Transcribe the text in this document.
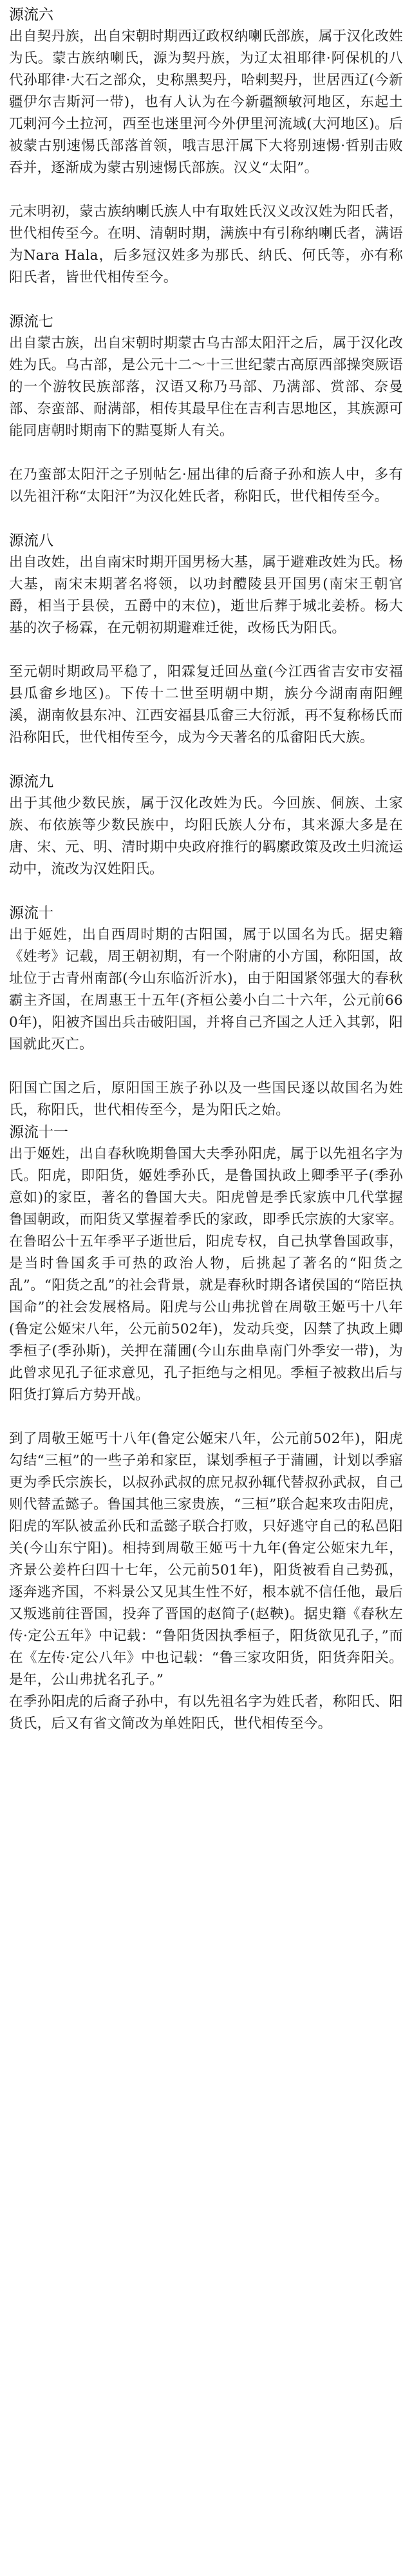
源流六

出自契丹族，出自宋朝时期西辽政权纳喇氏部族，属于汉化改姓为氏。蒙古族纳喇氏，源为契丹族，为辽太祖耶律·阿保机的八代孙耶律·大石之部众，史称黑契丹，哈剌契丹，世居西辽(今新疆伊尔吉斯河一带)，也有人认为在今新疆额敏河地区，东起土兀剌河今土拉河，西至也迷里河今外伊里河流域(大河地区)。后被蒙古别速惕氏部落首领，哦吉思汗属下大将别速惕·哲别击败吞并，逐渐成为蒙古别速惕氏部族。汉义“太阳”。

元末明初，蒙古族纳喇氏族人中有取姓氏汉义改汉姓为阳氏者，世代相传至今。在明、清朝时期，满族中有引称纳喇氏者，满语为Nara Hala，后多冠汉姓多为那氏、纳氏、何氏等，亦有称阳氏者，皆世代相传至今。

源流七

出自蒙古族，出自宋朝时期蒙古乌古部太阳汗之后，属于汉化改姓为氏。乌古部，是公元十二～十三世纪蒙古高原西部操突厥语的一个游牧民族部落，汉语又称乃马部、乃满部、赏部、奈曼部、奈蛮部、耐满部，相传其最早住在吉利吉思地区，其族源可能同唐朝时期南下的黠戛斯人有关。

在乃蛮部太阳汗之子别帖乞·屈出律的后裔子孙和族人中，多有以先祖汗称“太阳汗”为汉化姓氏者，称阳氏，世代相传至今。

源流八

出自改姓，出自南宋时期开国男杨大基，属于避难改姓为氏。杨大基，南宋末期著名将领，以功封醴陵县开国男(南宋王朝官爵，相当于县侯，五爵中的末位)，逝世后葬于城北姜桥。杨大基的次子杨霖，在元朝初期避难迁徙，改杨氏为阳氏。

至元朝时期政局平稳了，阳霖复迁回丛童(今江西省吉安市安福县瓜畲乡地区)。下传十二世至明朝中期，族分今湖南南阳鲤溪，湖南攸县东冲、江西安福县瓜畲三大衍派，再不复称杨氏而沿称阳氏，世代相传至今，成为今天著名的瓜畲阳氏大族。

源流九

出于其他少数民族，属于汉化改姓为氏。今回族、侗族、土家族、布依族等少数民族中，均阳氏族人分布，其来源大多是在唐、宋、元、明、清时期中央政府推行的羁縻政策及改土归流运动中，流改为汉姓阳氏。

源流十

出于姬姓，出自西周时期的古阳国，属于以国名为氏。据史籍《姓考》记载，周王朝初期，有一个附庸的小方国，称阳国，故址位于古青州南部(今山东临沂沂水)，由于阳国紧邻强大的春秋霸主齐国，在周惠王十五年(齐桓公姜小白二十六年，公元前660年)，阳被齐国出兵击破阳国，并将自己齐国之人迁入其郭，阳国就此灭亡。

阳国亡国之后，原阳国王族子孙以及一些国民逐以故国名为姓氏，称阳氏，世代相传至今，是为阳氏之始。

源流十一

出于姬姓，出自春秋晚期鲁国大夫季孙阳虎，属于以先祖名字为氏。阳虎，即阳货，姬姓季孙氏，是鲁国执政上卿季平子(季孙意如)的家臣，著名的鲁国大夫。阳虎曾是季氏家族中几代掌握鲁国朝政，而阳货又掌握着季氏的家政，即季氏宗族的大家宰。在鲁昭公十五年季平子逝世后，阳虎专权，自己执掌鲁国政事，是当时鲁国炙手可热的政治人物，后挑起了著名的“阳货之乱”。“阳货之乱”的社会背景，就是春秋时期各诸侯国的“陪臣执国命”的社会发展格局。阳虎与公山弗扰曾在周敬王姬丐十八年(鲁定公姬宋八年，公元前502年)，发动兵变，囚禁了执政上卿季桓子(季孙斯)，关押在蒲圃(今山东曲阜南门外季安一带)，为此曾求见孔子征求意见，孔子拒绝与之相见。季桓子被救出后与阳货打算后方势开战。

到了周敬王姬丐十八年(鲁定公姬宋八年，公元前502年)，阳虎勾结“三桓”的一些子弟和家臣，谋划季桓子于蒲圃，计划以季寤更为季氏宗族长，以叔孙武叔的庶兄叔孙辄代替叔孙武叔，自己则代替孟懿子。鲁国其他三家贵族，“三桓”联合起来攻击阳虎，阳虎的军队被孟孙氏和孟懿子联合打败，只好逃守自己的私邑阳关(今山东宁阳)。相持到周敬王姬丐十九年(鲁定公姬宋九年，齐景公姜杵臼四十七年，公元前501年)，阳货被看自己势孤，逐奔逃齐国，不料景公又见其生性不好，根本就不信任他，最后又叛逃前往晋国，投奔了晋国的赵简子(赵鞅)。据史籍《春秋左传·定公五年》中记载：“鲁阳货因执季桓子，阳货欲见孔子，”而在《左传·定公八年》中也记载：“鲁三家攻阳货，阳货奔阳关。是年，公山弗扰名孔子。”

在季孙阳虎的后裔子孙中，有以先祖名字为姓氏者，称阳氏、阳货氏，后又有省文简改为单姓阳氏，世代相传至今。
